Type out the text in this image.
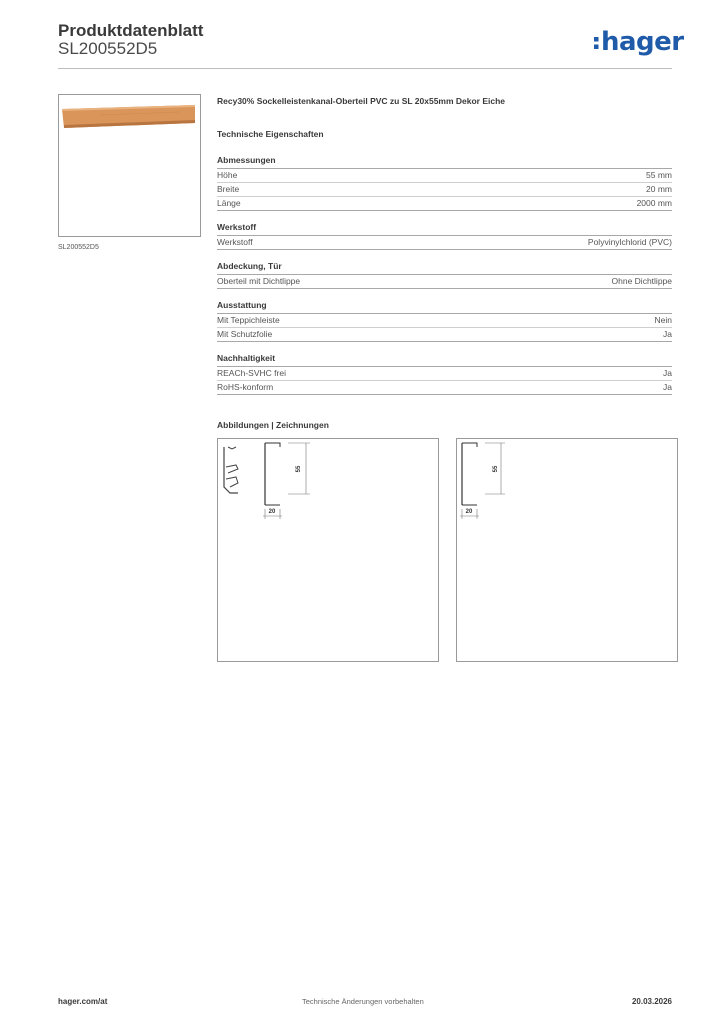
Produktdatenblatt
SL200552D5	hager
SL200552D5
Recy30% Sockelleistenkanal-Oberteil PVC zu SL 20x55mm Dekor Eiche
Technische Eigenschaften
Abmessungen
Höhe	55 mm
Breite	20 mm
Länge	2000 mm
Werkstoff
Werkstoff	Polyvinylchlorid (PVC)
Abdeckung, Tür
Oberteil mit Dichtlippe	Ohne Dichtlippe
Ausstattung
Mit Teppichleiste	Nein
Mit Schutzfolie	Ja
Nachhaltigkeit
REACh-SVHC frei	Ja
RoHS-konform	Ja
Abbildungen | Zeichnungen
55
20
55
20
hager.com/at	Technische Änderungen vorbehalten	20.03.2026
